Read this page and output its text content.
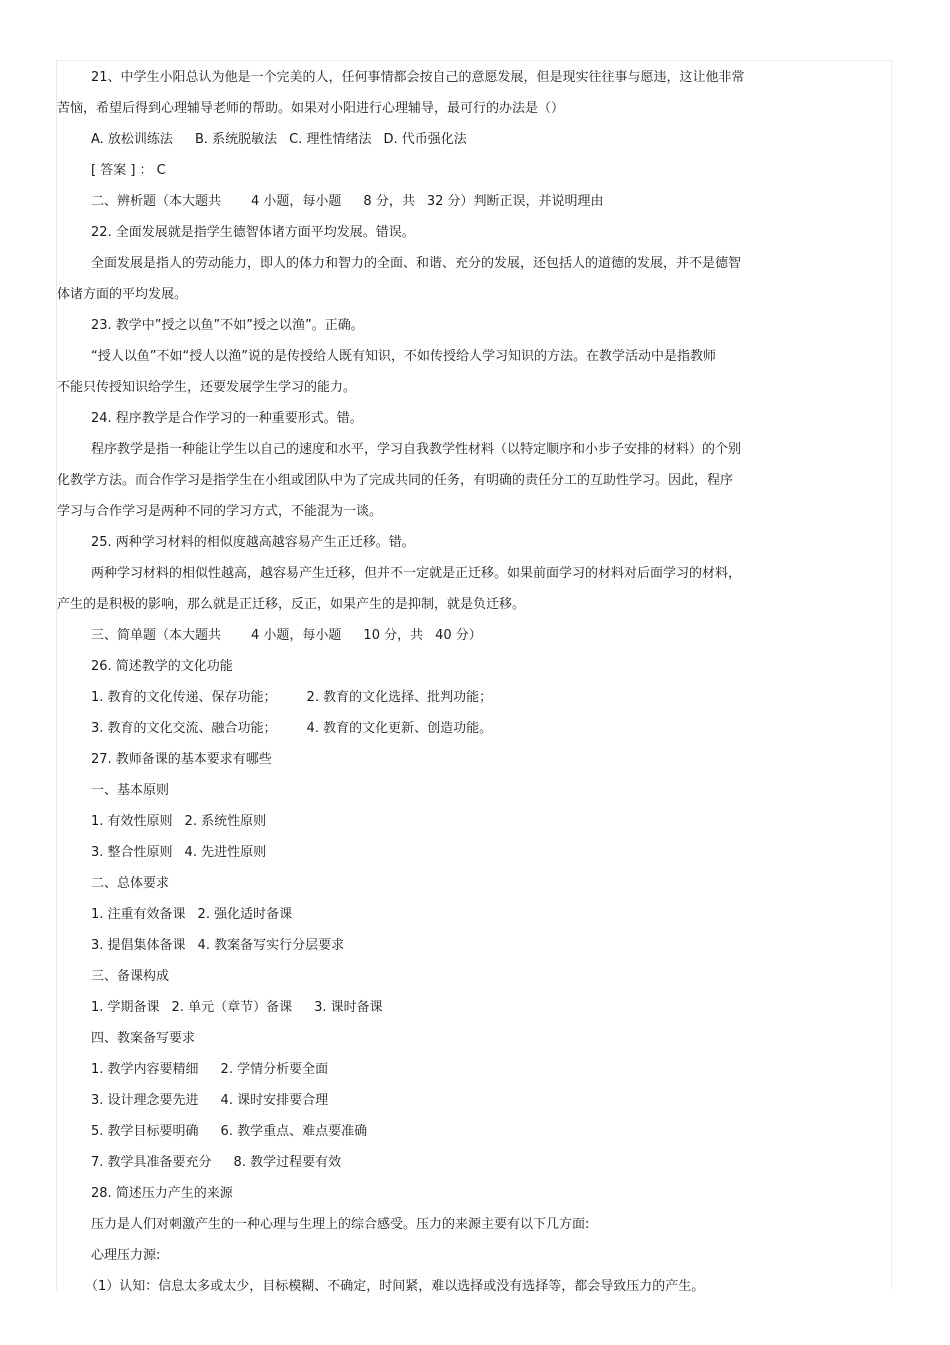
21、中学生小阳总认为他是一个完美的人，任何事情都会按自己的意愿发展，但是现实往往事与愿违，这让他非常

苦恼，希望后得到心理辅导老师的帮助。如果对小阳进行心理辅导，最可行的办法是（）

A. 放松训练法 B. 系统脱敏法 C. 理性情绪法 D. 代币强化法

[ 答案 ] ： C

二、辨析题（本大题共 4 小题，每小题 8 分，共 32 分）判断正误，并说明理由

22. 全面发展就是指学生德智体诸方面平均发展。错误。

全面发展是指人的劳动能力，即人的体力和智力的全面、和谐、充分的发展，还包括人的道德的发展，并不是德智

体诸方面的平均发展。

23. 教学中”授之以鱼”不如”授之以渔”。正确。

“授人以鱼”不如“授人以渔”说的是传授给人既有知识，不如传授给人学习知识的方法。在教学活动中是指教师

不能只传授知识给学生，还要发展学生学习的能力。

24. 程序教学是合作学习的一种重要形式。错。

程序教学是指一种能让学生以自己的速度和水平，学习自我教学性材料（以特定顺序和小步子安排的材料）的个别

化教学方法。而合作学习是指学生在小组或团队中为了完成共同的任务，有明确的责任分工的互助性学习。因此，程序

学习与合作学习是两种不同的学习方式，不能混为一谈。

25. 两种学习材料的相似度越高越容易产生正迁移。错。

两种学习材料的相似性越高，越容易产生迁移，但并不一定就是正迁移。如果前面学习的材料对后面学习的材料，

产生的是积极的影响，那么就是正迁移，反正，如果产生的是抑制，就是负迁移。

三、简单题（本大题共 4 小题，每小题 10 分，共 40 分）

26. 简述教学的文化功能

1. 教育的文化传递、保存功能； 2. 教育的文化选择、批判功能；

3. 教育的文化交流、融合功能； 4. 教育的文化更新、创造功能。

27. 教师备课的基本要求有哪些

一、基本原则

1. 有效性原则 2. 系统性原则

3. 整合性原则 4. 先进性原则

二、总体要求

1. 注重有效备课 2. 强化适时备课

3. 提倡集体备课 4. 教案备写实行分层要求

三、备课构成

1. 学期备课 2. 单元（章节）备课 3. 课时备课

四、教案备写要求

1. 教学内容要精细 2. 学情分析要全面

3. 设计理念要先进 4. 课时安排要合理

5. 教学目标要明确 6. 教学重点、难点要准确

7. 教学具准备要充分 8. 教学过程要有效

28. 简述压力产生的来源

压力是人们对刺激产生的一种心理与生理上的综合感受。压力的来源主要有以下几方面:

心理压力源:

（1）认知：信息太多或太少，目标模糊、不确定，时间紧，难以选择或没有选择等，都会导致压力的产生。
